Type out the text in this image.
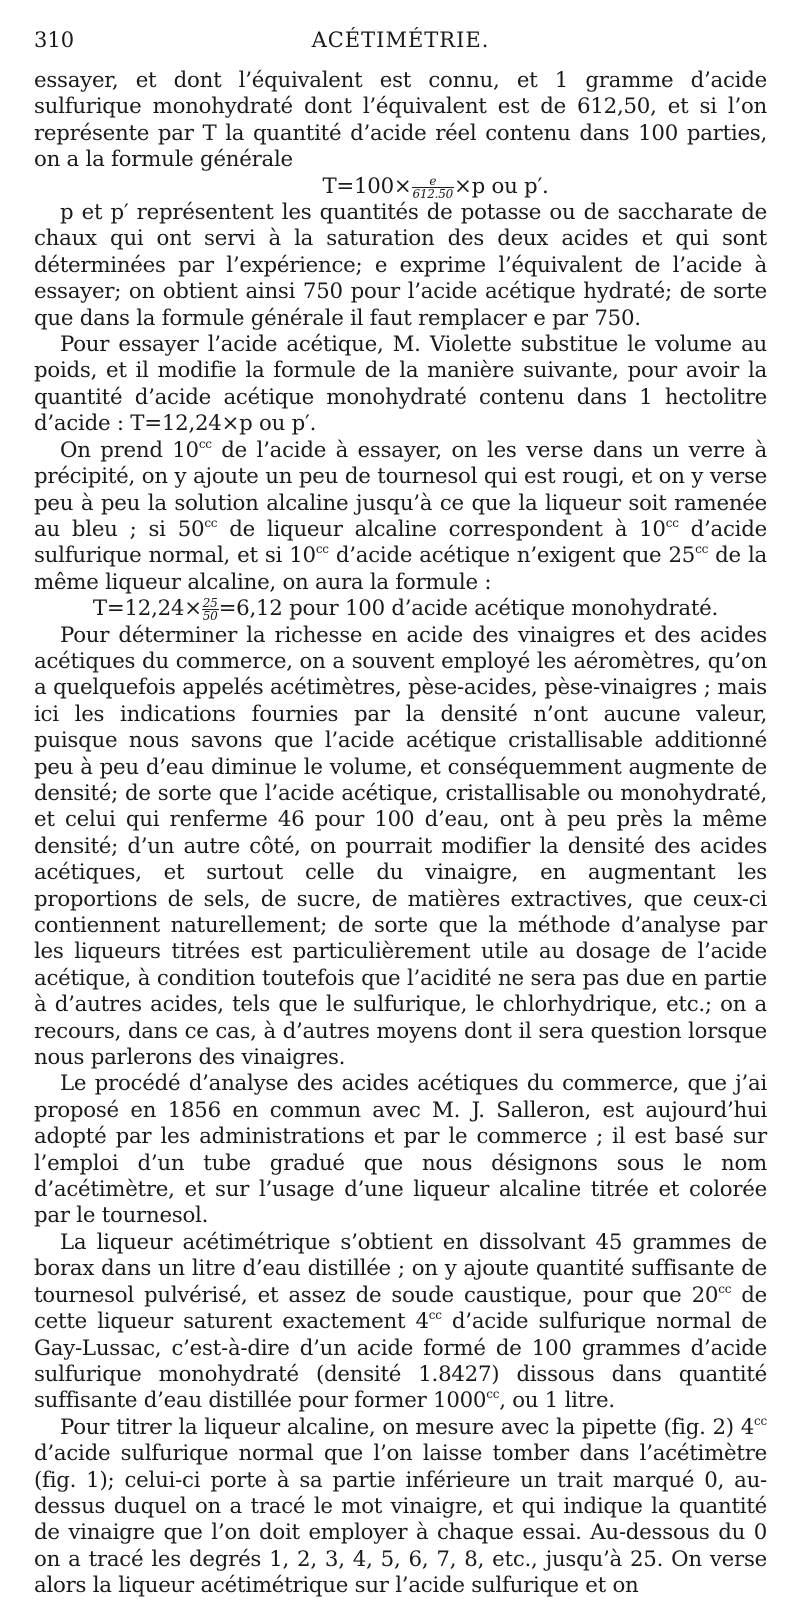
310	ACÉTIMÉTRIE.

essayer, et dont l’équivalent est connu, et 1 gramme d’acide sulfurique monohydraté dont l’équivalent est de 612,50, et si l’on représente par T la quantité d’acide réel contenu dans 100 parties, on a la formule générale

$T=100\times \frac{e}{612.50} \times p$ ou p′.

p et p′ représentent les quantités de potasse ou de saccharate de chaux qui ont servi à la saturation des deux acides et qui sont déterminées par l’expérience; e exprime l’équivalent de l’acide à essayer; on obtient ainsi 750 pour l’acide acétique hydraté; de sorte que dans la formule générale il faut remplacer e par 750.

Pour essayer l’acide acétique, M. Violette substitue le volume au poids, et il modifie la formule de la manière suivante, pour avoir la quantité d’acide acétique monohydraté contenu dans 1 hectolitre d’acide : T=12,24×p ou p′.

On prend $10^{cc}$ de l’acide à essayer, on les verse dans un verre à précipité, on y ajoute un peu de tournesol qui est rougi, et on y verse peu à peu la solution alcaline jusqu’à ce que la liqueur soit ramenée au bleu ; si $50^{cc}$ de liqueur alcaline correspondent à $10^{cc}$ d’acide sulfurique normal, et si $10^{cc}$ d’acide acétique n’exigent que $25^{cc}$ de la même liqueur alcaline, on aura la formule :

$T=12,24\times \frac{25}{50} =6,12$ pour 100 d’acide acétique monohydraté.

Pour déterminer la richesse en acide des vinaigres et des acides acétiques du commerce, on a souvent employé les aéromètres, qu’on a quelquefois appelés acétimètres, pèse-acides, pèse-vinaigres ; mais ici les indications fournies par la densité n’ont aucune valeur, puisque nous savons que l’acide acétique cristallisable additionné peu à peu d’eau diminue le volume, et conséquemment augmente de densité; de sorte que l’acide acétique, cristallisable ou monohydraté, et celui qui renferme 46 pour 100 d’eau, ont à peu près la même densité; d’un autre côté, on pourrait modifier la densité des acides acétiques, et surtout celle du vinaigre, en augmentant les proportions de sels, de sucre, de matières extractives, que ceux-ci contiennent naturellement; de sorte que la méthode d’analyse par les liqueurs titrées est particulièrement utile au dosage de l’acide acétique, à condition toutefois que l’acidité ne sera pas due en partie à d’autres acides, tels que le sulfurique, le chlorhydrique, etc.; on a recours, dans ce cas, à d’autres moyens dont il sera question lorsque nous parlerons des vinaigres.

Le procédé d’analyse des acides acétiques du commerce, que j’ai proposé en 1856 en commun avec M. J. Salleron, est aujourd’hui adopté par les administrations et par le commerce ; il est basé sur l’emploi d’un tube gradué que nous désignons sous le nom d’acétimètre, et sur l’usage d’une liqueur alcaline titrée et colorée par le tournesol.

La liqueur acétimétrique s’obtient en dissolvant 45 grammes de borax dans un litre d’eau distillée ; on y ajoute quantité suffisante de tournesol pulvérisé, et assez de soude caustique, pour que $20^{cc}$ de cette liqueur saturent exactement $4^{cc}$ d’acide sulfurique normal de Gay-Lussac, c’est-à-dire d’un acide formé de 100 grammes d’acide sulfurique monohydraté (densité 1.8427) dissous dans quantité suffisante d’eau distillée pour former $1000^{cc}$, ou 1 litre.

Pour titrer la liqueur alcaline, on mesure avec la pipette (fig. 2) $4^{cc}$ d’acide sulfurique normal que l’on laisse tomber dans l’acétimètre (fig. 1); celui-ci porte à sa partie inférieure un trait marqué 0, au-dessus duquel on a tracé le mot vinaigre, et qui indique la quantité de vinaigre que l’on doit employer à chaque essai. Au-dessous du 0 on a tracé les degrés 1, 2, 3, 4, 5, 6, 7, 8, etc., jusqu’à 25. On verse alors la liqueur acétimétrique sur l’acide sulfurique et on
